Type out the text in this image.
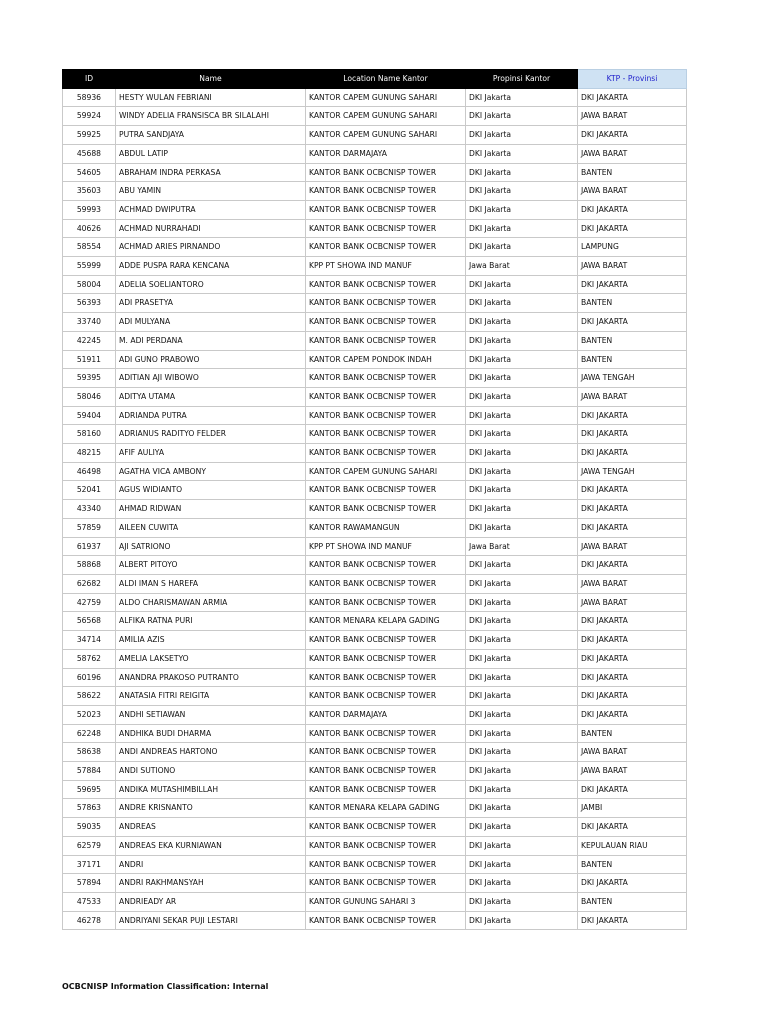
ID	Name	Location Name Kantor	Propinsi Kantor	KTP - Provinsi
58936	HESTY WULAN FEBRIANI	KANTOR CAPEM GUNUNG SAHARI	DKI Jakarta	DKI JAKARTA
59924	WINDY ADELIA FRANSISCA BR SILALAHI	KANTOR CAPEM GUNUNG SAHARI	DKI Jakarta	JAWA BARAT
59925	PUTRA SANDJAYA	KANTOR CAPEM GUNUNG SAHARI	DKI Jakarta	DKI JAKARTA
45688	ABDUL LATIP	KANTOR DARMAJAYA	DKI Jakarta	JAWA BARAT
54605	ABRAHAM INDRA PERKASA	KANTOR BANK OCBCNISP TOWER	DKI Jakarta	BANTEN
35603	ABU YAMIN	KANTOR BANK OCBCNISP TOWER	DKI Jakarta	JAWA BARAT
59993	ACHMAD DWIPUTRA	KANTOR BANK OCBCNISP TOWER	DKI Jakarta	DKI JAKARTA
40626	ACHMAD NURRAHADI	KANTOR BANK OCBCNISP TOWER	DKI Jakarta	DKI JAKARTA
58554	ACHMAD ARIES PIRNANDO	KANTOR BANK OCBCNISP TOWER	DKI Jakarta	LAMPUNG
55999	ADDE PUSPA RARA KENCANA	KPP PT SHOWA IND MANUF	Jawa Barat	JAWA BARAT
58004	ADELIA SOELIANTORO	KANTOR BANK OCBCNISP TOWER	DKI Jakarta	DKI JAKARTA
56393	ADI PRASETYA	KANTOR BANK OCBCNISP TOWER	DKI Jakarta	BANTEN
33740	ADI MULYANA	KANTOR BANK OCBCNISP TOWER	DKI Jakarta	DKI JAKARTA
42245	M. ADI PERDANA	KANTOR BANK OCBCNISP TOWER	DKI Jakarta	BANTEN
51911	ADI GUNO PRABOWO	KANTOR CAPEM PONDOK INDAH	DKI Jakarta	BANTEN
59395	ADITIAN AJI WIBOWO	KANTOR BANK OCBCNISP TOWER	DKI Jakarta	JAWA TENGAH
58046	ADITYA UTAMA	KANTOR BANK OCBCNISP TOWER	DKI Jakarta	JAWA BARAT
59404	ADRIANDA PUTRA	KANTOR BANK OCBCNISP TOWER	DKI Jakarta	DKI JAKARTA
58160	ADRIANUS RADITYO FELDER	KANTOR BANK OCBCNISP TOWER	DKI Jakarta	DKI JAKARTA
48215	AFIF AULIYA	KANTOR BANK OCBCNISP TOWER	DKI Jakarta	DKI JAKARTA
46498	AGATHA VICA AMBONY	KANTOR CAPEM GUNUNG SAHARI	DKI Jakarta	JAWA TENGAH
52041	AGUS WIDIANTO	KANTOR BANK OCBCNISP TOWER	DKI Jakarta	DKI JAKARTA
43340	AHMAD RIDWAN	KANTOR BANK OCBCNISP TOWER	DKI Jakarta	DKI JAKARTA
57859	AILEEN CUWITA	KANTOR RAWAMANGUN	DKI Jakarta	DKI JAKARTA
61937	AJI SATRIONO	KPP PT SHOWA IND MANUF	Jawa Barat	JAWA BARAT
58868	ALBERT PITOYO	KANTOR BANK OCBCNISP TOWER	DKI Jakarta	DKI JAKARTA
62682	ALDI IMAN S HAREFA	KANTOR BANK OCBCNISP TOWER	DKI Jakarta	JAWA BARAT
42759	ALDO CHARISMAWAN ARMIA	KANTOR BANK OCBCNISP TOWER	DKI Jakarta	JAWA BARAT
56568	ALFIKA RATNA PURI	KANTOR MENARA KELAPA GADING	DKI Jakarta	DKI JAKARTA
34714	AMILIA AZIS	KANTOR BANK OCBCNISP TOWER	DKI Jakarta	DKI JAKARTA
58762	AMELIA LAKSETYO	KANTOR BANK OCBCNISP TOWER	DKI Jakarta	DKI JAKARTA
60196	ANANDRA PRAKOSO PUTRANTO	KANTOR BANK OCBCNISP TOWER	DKI Jakarta	DKI JAKARTA
58622	ANATASIA FITRI REIGITA	KANTOR BANK OCBCNISP TOWER	DKI Jakarta	DKI JAKARTA
52023	ANDHI SETIAWAN	KANTOR DARMAJAYA	DKI Jakarta	DKI JAKARTA
62248	ANDHIKA BUDI DHARMA	KANTOR BANK OCBCNISP TOWER	DKI Jakarta	BANTEN
58638	ANDI ANDREAS HARTONO	KANTOR BANK OCBCNISP TOWER	DKI Jakarta	JAWA BARAT
57884	ANDI SUTIONO	KANTOR BANK OCBCNISP TOWER	DKI Jakarta	JAWA BARAT
59695	ANDIKA MUTASHIMBILLAH	KANTOR BANK OCBCNISP TOWER	DKI Jakarta	DKI JAKARTA
57863	ANDRE KRISNANTO	KANTOR MENARA KELAPA GADING	DKI Jakarta	JAMBI
59035	ANDREAS	KANTOR BANK OCBCNISP TOWER	DKI Jakarta	DKI JAKARTA
62579	ANDREAS EKA KURNIAWAN	KANTOR BANK OCBCNISP TOWER	DKI Jakarta	KEPULAUAN RIAU
37171	ANDRI	KANTOR BANK OCBCNISP TOWER	DKI Jakarta	BANTEN
57894	ANDRI RAKHMANSYAH	KANTOR BANK OCBCNISP TOWER	DKI Jakarta	DKI JAKARTA
47533	ANDRIEADY AR	KANTOR GUNUNG SAHARI 3	DKI Jakarta	BANTEN
46278	ANDRIYANI SEKAR PUJI LESTARI	KANTOR BANK OCBCNISP TOWER	DKI Jakarta	DKI JAKARTA
OCBCNISP Information Classification: Internal
